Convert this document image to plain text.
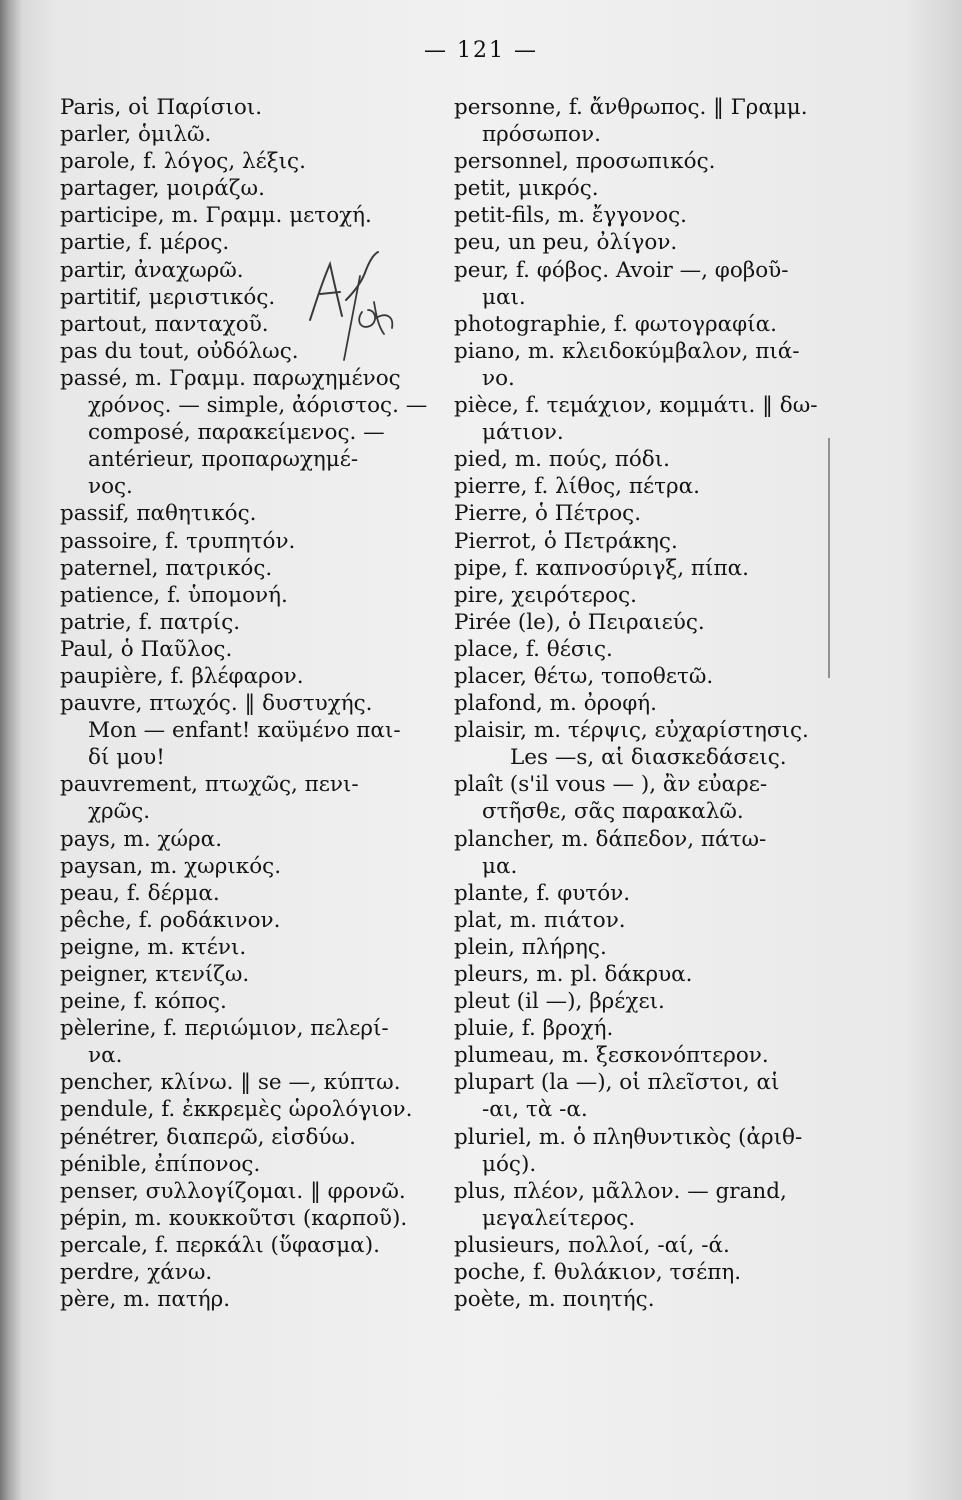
— 121 —

Paris, οἱ Παρίσιοι.

parler, ὁμιλῶ.

parole, f. λόγος, λέξις.

partager, μοιράζω.

participe, m. Γραμμ. μετοχή.

partie, f. μέρος.

partir, ἀναχωρῶ.

partitif, μεριστικός.

partout, πανταχοῦ.

pas du tout, οὐδόλως.

passé, m. Γραμμ. παρωχημένος

χρόνος. — simple, ἀόριστος. —

composé, παρακείμενος. —

antérieur, προπαρωχημέ-

νος.

passif, παθητικός.

passoire, f. τρυπητόν.

paternel, πατρικός.

patience, f. ὑπομονή.

patrie, f. πατρίς.

Paul, ὁ Παῦλος.

paupière, f. βλέφαρον.

pauvre, πτωχός. ‖ δυστυχής.

Mon — enfant! καϋμένο παι-

δί μου!

pauvrement, πτωχῶς, πενι-

χρῶς.

pays, m. χώρα.

paysan, m. χωρικός.

peau, f. δέρμα.

pêche, f. ροδάκινον.

peigne, m. κτένι.

peigner, κτενίζω.

peine, f. κόπος.

pèlerine, f. περιώμιον, πελερί-

να.

pencher, κλίνω. ‖ se —, κύπτω.

pendule, f. ἐκκρεμὲς ὡρολόγιον.

pénétrer, διαπερῶ, εἰσδύω.

pénible, ἐπίπονος.

penser, συλλογίζομαι. ‖ φρονῶ.

pépin, m. κουκκοῦτσι (καρποῦ).

percale, f. περκάλι (ὕφασμα).

perdre, χάνω.

père, m. πατήρ.

personne, f. ἄνθρωπος. ‖ Γραμμ.

πρόσωπον.

personnel, προσωπικός.

petit, μικρός.

petit-fils, m. ἔγγονος.

peu, un peu, ὀλίγον.

peur, f. φόβος. Avoir —, φοβοῦ-

μαι.

photographie, f. φωτογραφία.

piano, m. κλειδοκύμβαλον, πιά-

νο.

pièce, f. τεμάχιον, κομμάτι. ‖ δω-

μάτιον.

pied, m. πούς, πόδι.

pierre, f. λίθος, πέτρα.

Pierre, ὁ Πέτρος.

Pierrot, ὁ Πετράκης.

pipe, f. καπνοσύριγξ, πίπα.

pire, χειρότερος.

Pirée (le), ὁ Πειραιεύς.

place, f. θέσις.

placer, θέτω, τοποθετῶ.

plafond, m. ὀροφή.

plaisir, m. τέρψις, εὐχαρίστησις.

Les —s, αἱ διασκεδάσεις.

plaît (s'il vous — ), ἂν εὐαρε-

στῆσθε, σᾶς παρακαλῶ.

plancher, m. δάπεδον, πάτω-

μα.

plante, f. φυτόν.

plat, m. πιάτον.

plein, πλήρης.

pleurs, m. pl. δάκρυα.

pleut (il —), βρέχει.

pluie, f. βροχή.

plumeau, m. ξεσκονόπτερον.

plupart (la —), οἱ πλεῖστοι, αἱ

-αι, τὰ -α.

pluriel, m. ὁ πληθυντικὸς (ἀριθ-

μός).

plus, πλέον, μᾶλλον. — grand,

μεγαλείτερος.

plusieurs, πολλοί, -αί, -ά.

poche, f. θυλάκιον, τσέπη.

poète, m. ποιητής.
